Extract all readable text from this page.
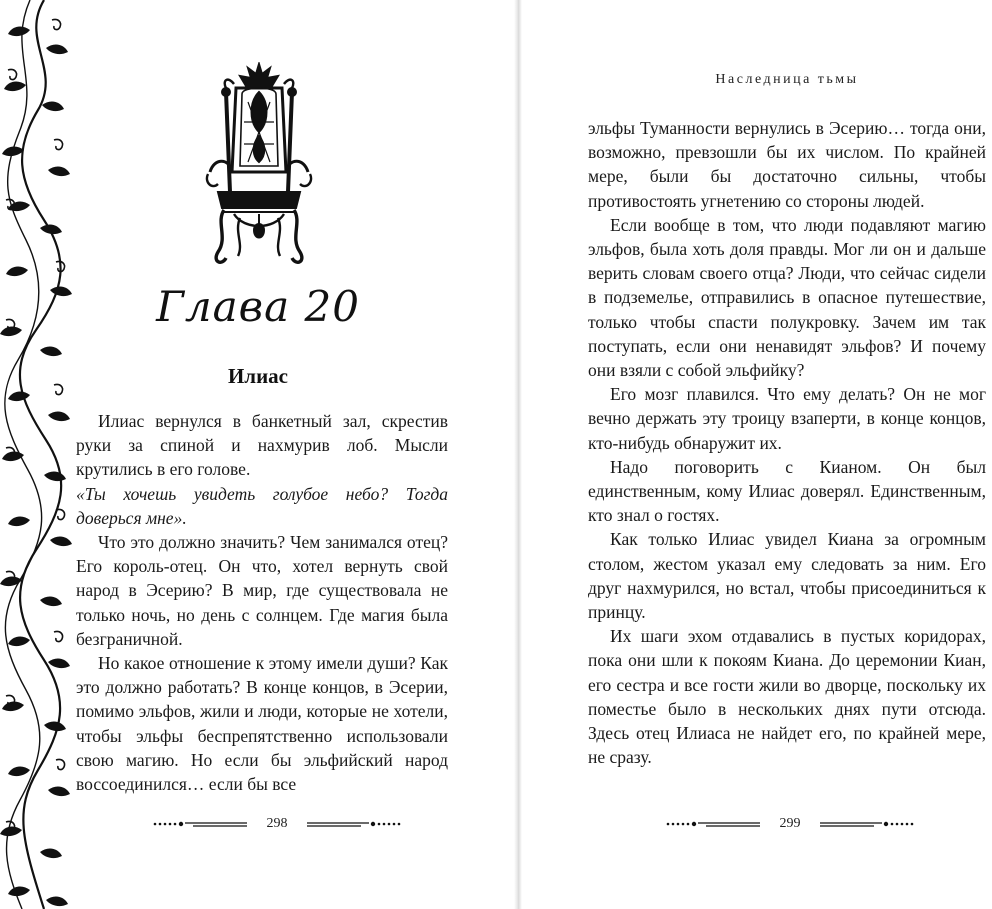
Глава 20
Илиас

Илиас вернулся в банкетный зал, скрестив руки за спиной и нахмурив лоб. Мысли крутились в его голове.

«Ты хочешь увидеть голубое небо? Тогда доверься мне».

Что это должно значить? Чем занимался отец? Его король-отец. Он что, хотел вернуть свой народ в Эсерию? В мир, где существовала не только ночь, но день с солнцем. Где магия была безграничной.

Но какое отношение к этому имели души? Как это должно работать? В конце концов, в Эсерии, помимо эльфов, жили и люди, которые не хотели, чтобы эльфы беспрепятственно использовали свою магию. Но если бы эльфийский народ воссоединился… если бы все

298
Наследница тьмы

эльфы Туманности вернулись в Эсерию… тогда они, возможно, превзошли бы их числом. По крайней мере, были бы достаточно сильны, чтобы противостоять угнетению со стороны людей.

Если вообще в том, что люди подавляют магию эльфов, была хоть доля правды. Мог ли он и дальше верить словам своего отца? Люди, что сейчас сидели в подземелье, отправились в опасное путешествие, только чтобы спасти полукровку. Зачем им так поступать, если они ненавидят эльфов? И почему они взяли с собой эльфийку?

Его мозг плавился. Что ему делать? Он не мог вечно держать эту троицу взаперти, в конце концов, кто-нибудь обнаружит их.

Надо поговорить с Кианом. Он был единственным, кому Илиас доверял. Единственным, кто знал о гостях.

Как только Илиас увидел Киана за огромным столом, жестом указал ему следовать за ним. Его друг нахмурился, но встал, чтобы присоединиться к принцу.

Их шаги эхом отдавались в пустых коридорах, пока они шли к покоям Киана. До церемонии Киан, его сестра и все гости жили во дворце, поскольку их поместье было в нескольких днях пути отсюда. Здесь отец Илиаса не найдет его, по крайней мере, не сразу.

299
